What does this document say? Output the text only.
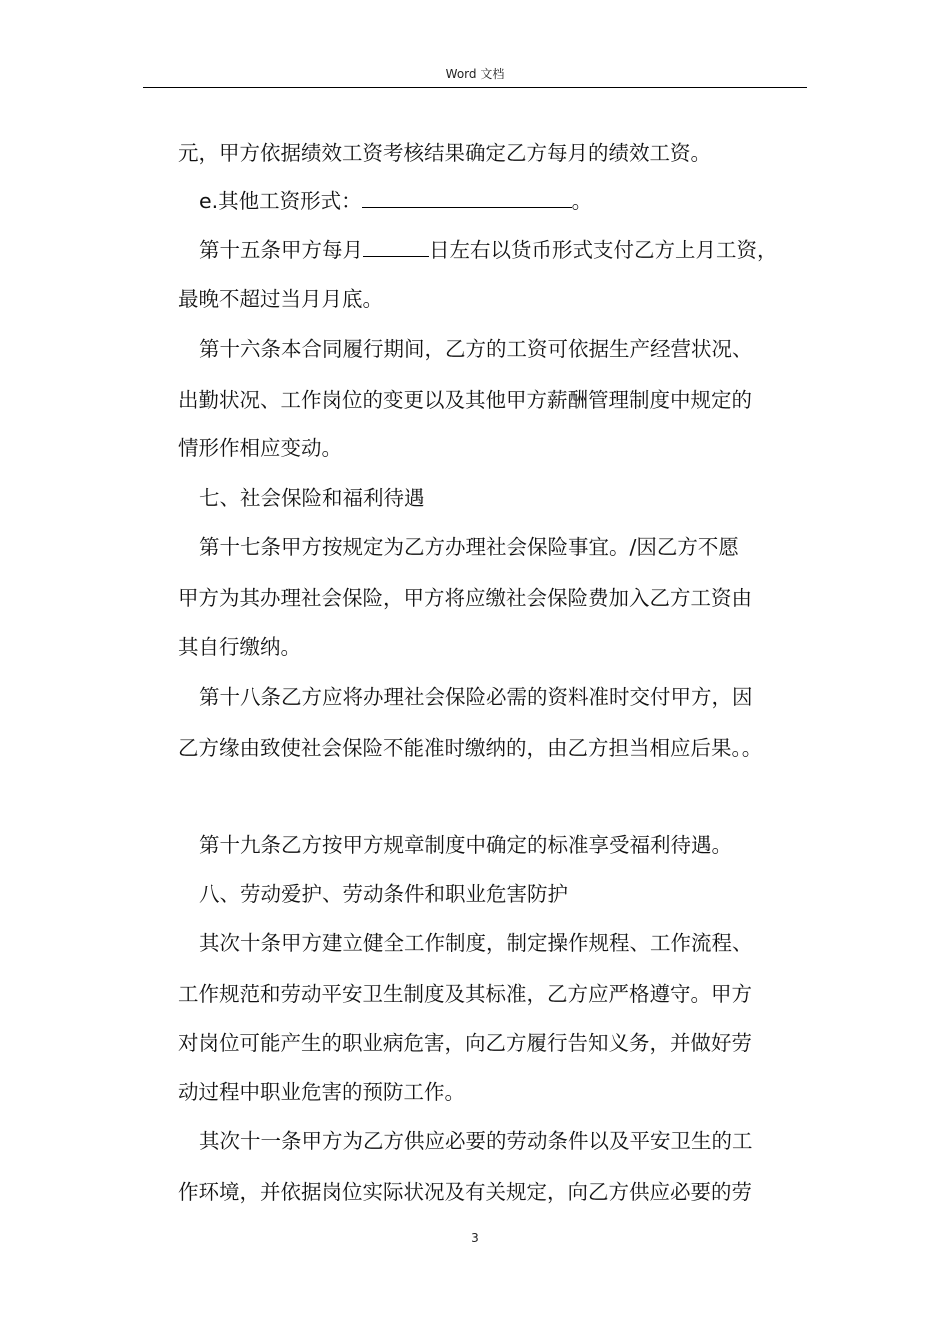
Word 文档
元，甲方依据绩效工资考核结果确定乙方每月的绩效工资。
e.其他工资形式：	。
第十五条甲方每月	日左右以货币形式支付乙方上月工资，
最晚不超过当月月底。
第十六条本合同履行期间，乙方的工资可依据生产经营状况、
出勤状况、工作岗位的变更以及其他甲方薪酬管理制度中规定的
情形作相应变动。
七、社会保险和福利待遇
第十七条甲方按规定为乙方办理社会保险事宜。/因乙方不愿
甲方为其办理社会保险，甲方将应缴社会保险费加入乙方工资由
其自行缴纳。
第十八条乙方应将办理社会保险必需的资料准时交付甲方，因
乙方缘由致使社会保险不能准时缴纳的，由乙方担当相应后果。。
第十九条乙方按甲方规章制度中确定的标准享受福利待遇。
八、劳动爱护、劳动条件和职业危害防护
其次十条甲方建立健全工作制度，制定操作规程、工作流程、
工作规范和劳动平安卫生制度及其标准，乙方应严格遵守。甲方
对岗位可能产生的职业病危害，向乙方履行告知义务，并做好劳
动过程中职业危害的预防工作。
其次十一条甲方为乙方供应必要的劳动条件以及平安卫生的工
作环境，并依据岗位实际状况及有关规定，向乙方供应必要的劳
3
